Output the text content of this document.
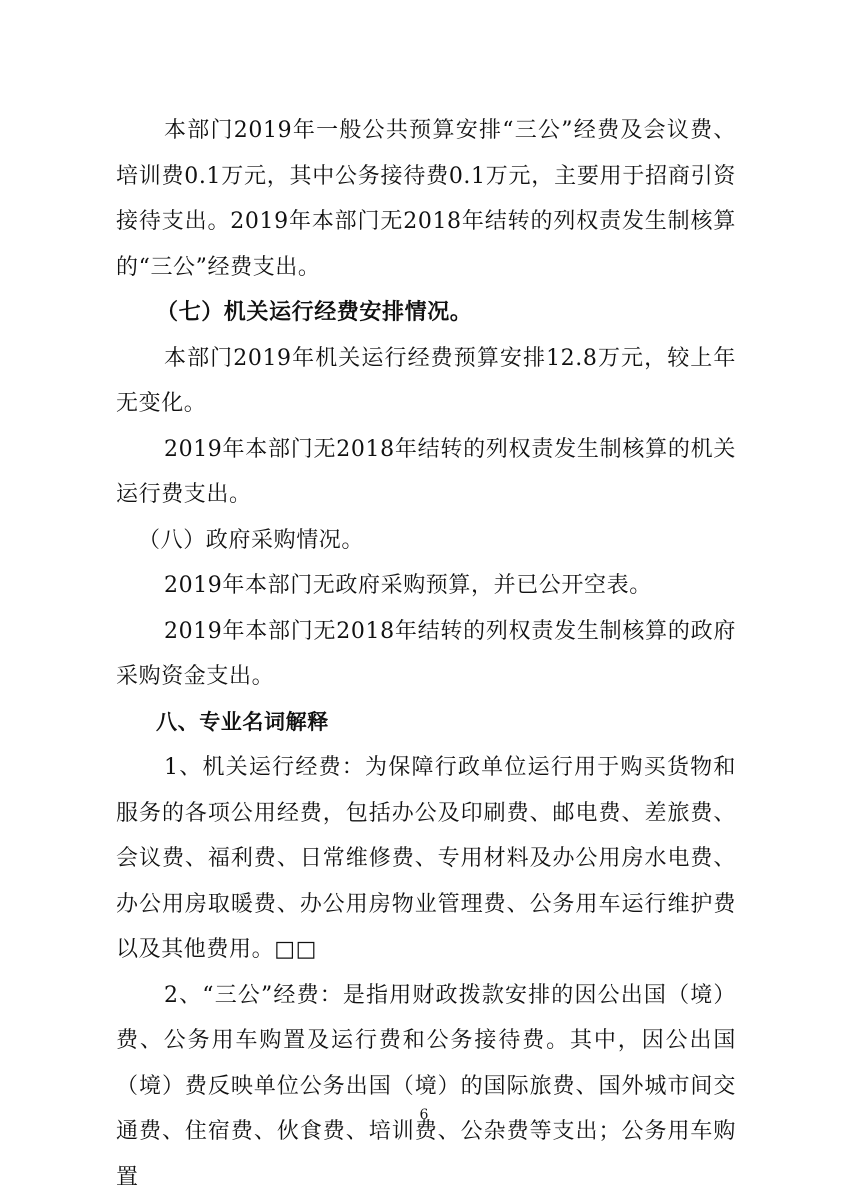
本部门2019年一般公共预算安排“三公”经费及会议费、培训费0.1万元，其中公务接待费0.1万元，主要用于招商引资接待支出。2019年本部门无2018年结转的列权责发生制核算的“三公”经费支出。

（七）机关运行经费安排情况。

本部门2019年机关运行经费预算安排12.8万元，较上年无变化。

2019年本部门无2018年结转的列权责发生制核算的机关运行费支出。

（八）政府采购情况。

2019年本部门无政府采购预算，并已公开空表。

2019年本部门无2018年结转的列权责发生制核算的政府采购资金支出。

八、专业名词解释

1、机关运行经费：为保障行政单位运行用于购买货物和服务的各项公用经费，包括办公及印刷费、邮电费、差旅费、会议费、福利费、日常维修费、专用材料及办公用房水电费、办公用房取暖费、办公用房物业管理费、公务用车运行维护费以及其他费用。□□

2、“三公”经费：是指用财政拨款安排的因公出国（境）费、公务用车购置及运行费和公务接待费。其中，因公出国（境）费反映单位公务出国（境）的国际旅费、国外城市间交通费、住宿费、伙食费、培训费、公杂费等支出；公务用车购置

6
